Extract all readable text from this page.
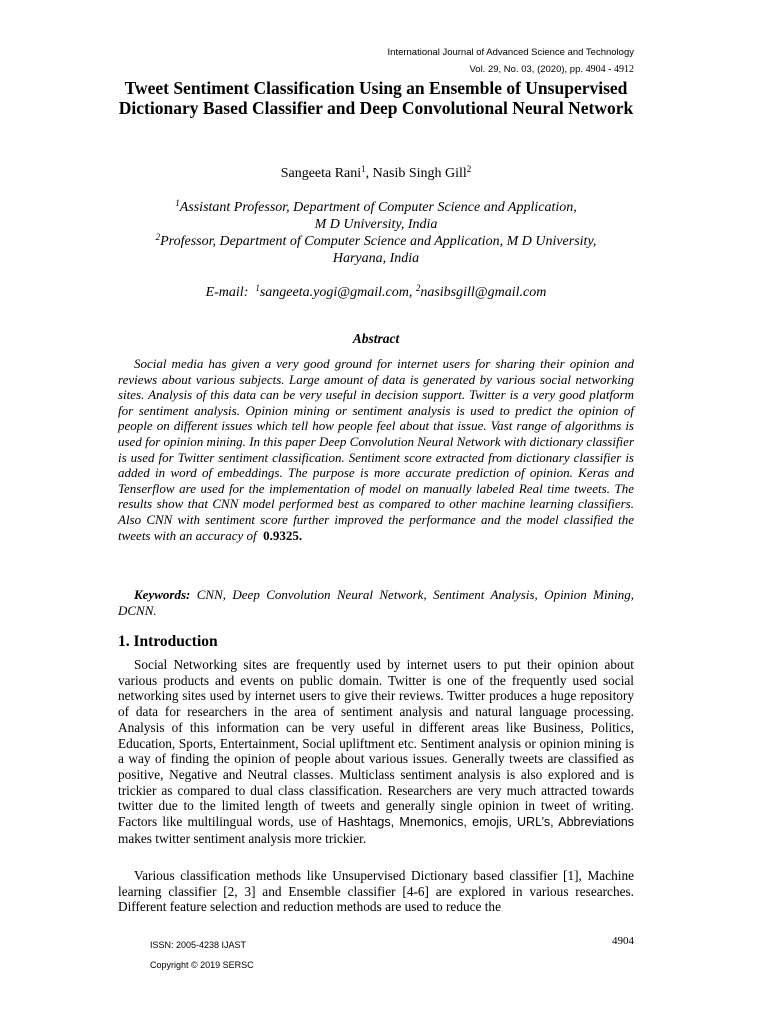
International Journal of Advanced Science and Technology
Vol. 29, No. 03, (2020), pp. 4904 - 4912
Tweet Sentiment Classification Using an Ensemble of Unsupervised Dictionary Based Classifier and Deep Convolutional Neural Network
Sangeeta Rani$^1$, Nasib Singh Gill$^2$
$^1$Assistant Professor, Department of Computer Science and Application,
M D University, India
$^2$Professor, Department of Computer Science and Application, M D University,
Haryana, India
E-mail: $^1$sangeeta.yogi@gmail.com, $^2$nasibsgill@gmail.com
Abstract

Social media has given a very good ground for internet users for sharing their opinion and reviews about various subjects. Large amount of data is generated by various social networking sites. Analysis of this data can be very useful in decision support. Twitter is a very good platform for sentiment analysis. Opinion mining or sentiment analysis is used to predict the opinion of people on different issues which tell how people feel about that issue. Vast range of algorithms is used for opinion mining. In this paper Deep Convolution Neural Network with dictionary classifier is used for Twitter sentiment classification. Sentiment score extracted from dictionary classifier is added in word of embeddings. The purpose is more accurate prediction of opinion. Keras and Tenserflow are used for the implementation of model on manually labeled Real time tweets. The results show that CNN model performed best as compared to other machine learning classifiers. Also CNN with sentiment score further improved the performance and the model classified the tweets with an accuracy of 0.9325.

Keywords: CNN, Deep Convolution Neural Network, Sentiment Analysis, Opinion Mining, DCNN.

1. Introduction

Social Networking sites are frequently used by internet users to put their opinion about various products and events on public domain. Twitter is one of the frequently used social networking sites used by internet users to give their reviews. Twitter produces a huge repository of data for researchers in the area of sentiment analysis and natural language processing. Analysis of this information can be very useful in different areas like Business, Politics, Education, Sports, Entertainment, Social upliftment etc. Sentiment analysis or opinion mining is a way of finding the opinion of people about various issues. Generally tweets are classified as positive, Negative and Neutral classes. Multiclass sentiment analysis is also explored and is trickier as compared to dual class classification. Researchers are very much attracted towards twitter due to the limited length of tweets and generally single opinion in tweet of writing. Factors like multilingual words, use of Hashtags, Mnemonics, emojis, URL’s, Abbreviations makes twitter sentiment analysis more trickier.

Various classification methods like Unsupervised Dictionary based classifier [1], Machine learning classifier [2, 3] and Ensemble classifier [4-6] are explored in various researches. Different feature selection and reduction methods are used to reduce the

ISSN: 2005-4238 IJAST
Copyright © 2019 SERSC
4904
